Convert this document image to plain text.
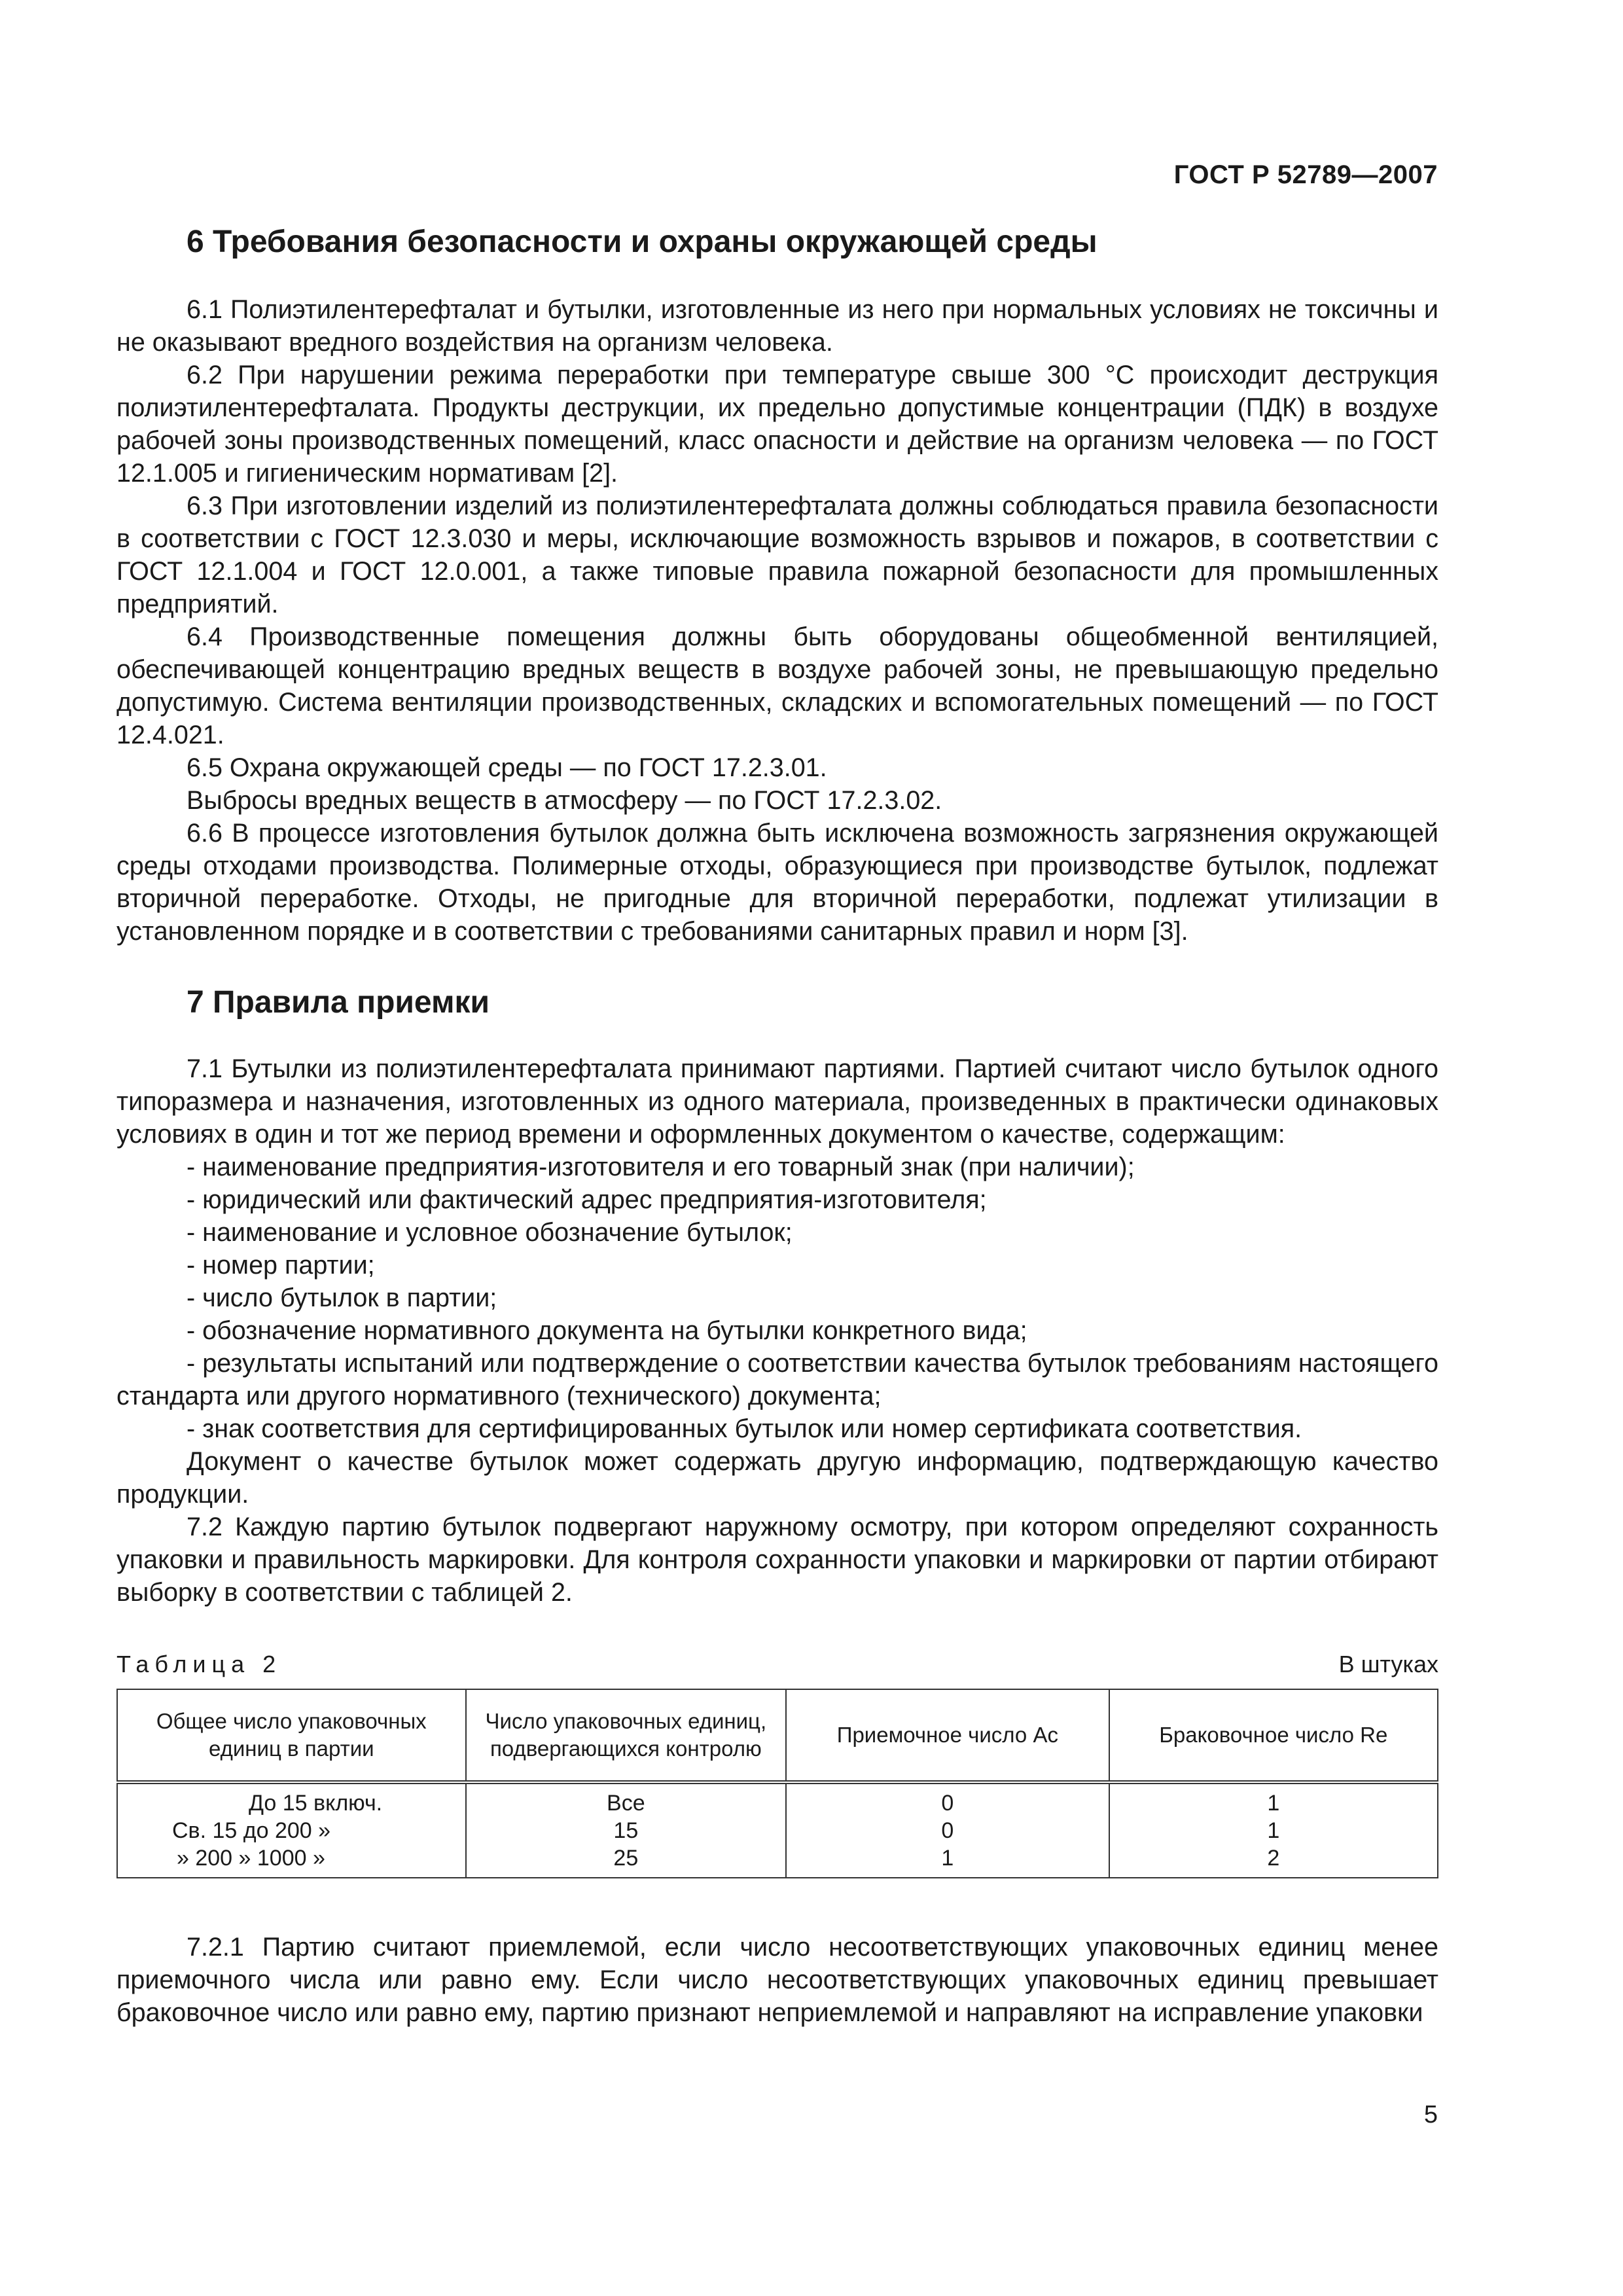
ГОСТ Р 52789—2007
6 Требования безопасности и охраны окружающей среды

6.1 Полиэтилентерефталат и бутылки, изготовленные из него при нормальных условиях не токсичны и не оказывают вредного воздействия на организм человека.

6.2 При нарушении режима переработки при температуре свыше 300 °С происходит деструкция полиэтилентерефталата. Продукты деструкции, их предельно допустимые концентрации (ПДК) в воздухе рабочей зоны производственных помещений, класс опасности и действие на организм человека — по ГОСТ 12.1.005 и гигиеническим нормативам [2].

6.3 При изготовлении изделий из полиэтилентерефталата должны соблюдаться правила безопасности в соответствии с ГОСТ 12.3.030 и меры, исключающие возможность взрывов и пожаров, в соответствии с ГОСТ 12.1.004 и ГОСТ 12.0.001, а также типовые правила пожарной безопасности для промышленных предприятий.

6.4 Производственные помещения должны быть оборудованы общеобменной вентиляцией, обеспечивающей концентрацию вредных веществ в воздухе рабочей зоны, не превышающую предельно допустимую. Система вентиляции производственных, складских и вспомогательных помещений — по ГОСТ 12.4.021.

6.5 Охрана окружающей среды — по ГОСТ 17.2.3.01.

Выбросы вредных веществ в атмосферу — по ГОСТ 17.2.3.02.

6.6 В процессе изготовления бутылок должна быть исключена возможность загрязнения окружающей среды отходами производства. Полимерные отходы, образующиеся при производстве бутылок, подлежат вторичной переработке. Отходы, не пригодные для вторичной переработки, подлежат утилизации в установленном порядке и в соответствии с требованиями санитарных правил и норм [3].

7 Правила приемки

7.1 Бутылки из полиэтилентерефталата принимают партиями. Партией считают число бутылок одного типоразмера и назначения, изготовленных из одного материала, произведенных в практически одинаковых условиях в один и тот же период времени и оформленных документом о качестве, содержащим:

- наименование предприятия-изготовителя и его товарный знак (при наличии);

- юридический или фактический адрес предприятия-изготовителя;

- наименование и условное обозначение бутылок;

- номер партии;

- число бутылок в партии;

- обозначение нормативного документа на бутылки конкретного вида;

- результаты испытаний или подтверждение о соответствии качества бутылок требованиям настоящего стандарта или другого нормативного (технического) документа;

- знак соответствия для сертифицированных бутылок или номер сертификата соответствия.

Документ о качестве бутылок может содержать другую информацию, подтверждающую качество продукции.

7.2 Каждую партию бутылок подвергают наружному осмотру, при котором определяют сохранность упаковки и правильность маркировки. Для контроля сохранности упаковки и маркировки от партии отбирают выборку в соответствии с таблицей 2.

Таблица 2	В штуках
Общее число упаковочных единиц в партии	Число упаковочных единиц, подвергающихся контролю	Приемочное число Ac	Браковочное число Re
До 15 включ.	Все	0	1
Св. 15 до 200 »	15	0	1
» 200 » 1000 »	25	1	2

7.2.1 Партию считают приемлемой, если число несоответствующих упаковочных единиц менее приемочного числа или равно ему. Если число несоответствующих упаковочных единиц превышает браковочное число или равно ему, партию признают неприемлемой и направляют на исправление упаковки

5
